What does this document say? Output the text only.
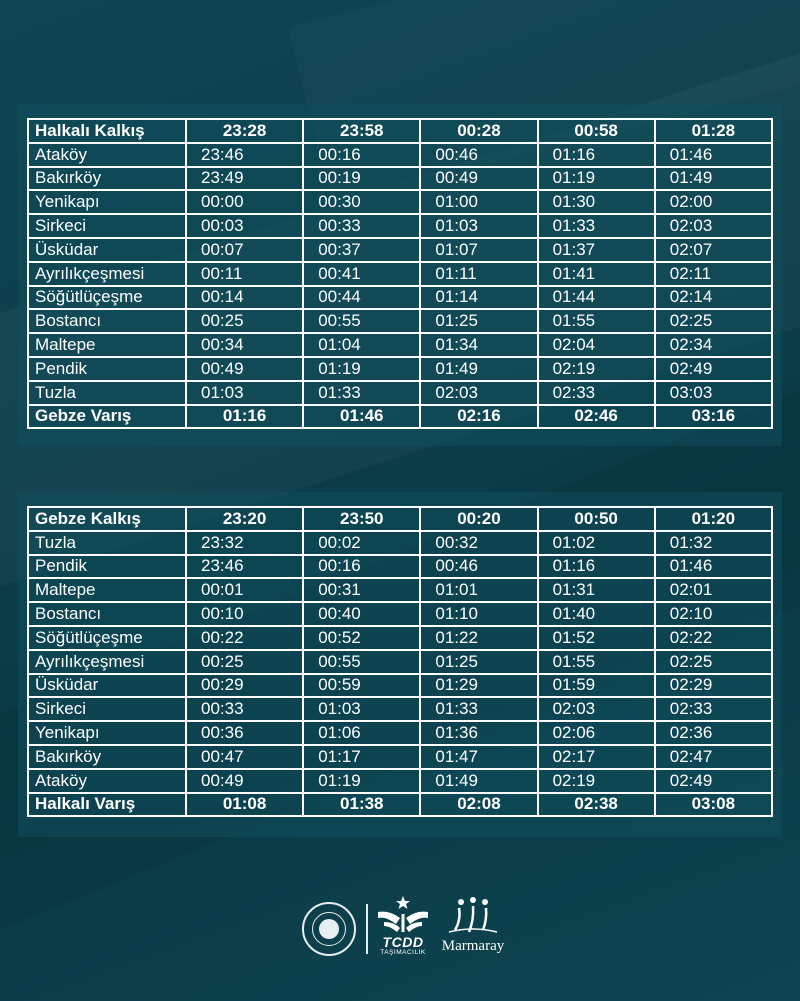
Halkalı Kalkış	23:28	23:58	00:28	00:58	01:28
Ataköy	23:46	00:16	00:46	01:16	01:46
Bakırköy	23:49	00:19	00:49	01:19	01:49
Yenikapı	00:00	00:30	01:00	01:30	02:00
Sirkeci	00:03	00:33	01:03	01:33	02:03
Üsküdar	00:07	00:37	01:07	01:37	02:07
Ayrılıkçeşmesi	00:11	00:41	01:11	01:41	02:11
Söğütlüçeşme	00:14	00:44	01:14	01:44	02:14
Bostancı	00:25	00:55	01:25	01:55	02:25
Maltepe	00:34	01:04	01:34	02:04	02:34
Pendik	00:49	01:19	01:49	02:19	02:49
Tuzla	01:03	01:33	02:03	02:33	03:03
Gebze Varış	01:16	01:46	02:16	02:46	03:16
Gebze Kalkış	23:20	23:50	00:20	00:50	01:20
Tuzla	23:32	00:02	00:32	01:02	01:32
Pendik	23:46	00:16	00:46	01:16	01:46
Maltepe	00:01	00:31	01:01	01:31	02:01
Bostancı	00:10	00:40	01:10	01:40	02:10
Söğütlüçeşme	00:22	00:52	01:22	01:52	02:22
Ayrılıkçeşmesi	00:25	00:55	01:25	01:55	02:25
Üsküdar	00:29	00:59	01:29	01:59	02:29
Sirkeci	00:33	01:03	01:33	02:03	02:33
Yenikapı	00:36	01:06	01:36	02:06	02:36
Bakırköy	00:47	01:17	01:47	02:17	02:47
Ataköy	00:49	01:19	01:49	02:19	02:49
Halkalı Varış	01:08	01:38	02:08	02:38	03:08
TCDD
TAŞIMACILIK	Marmaray
